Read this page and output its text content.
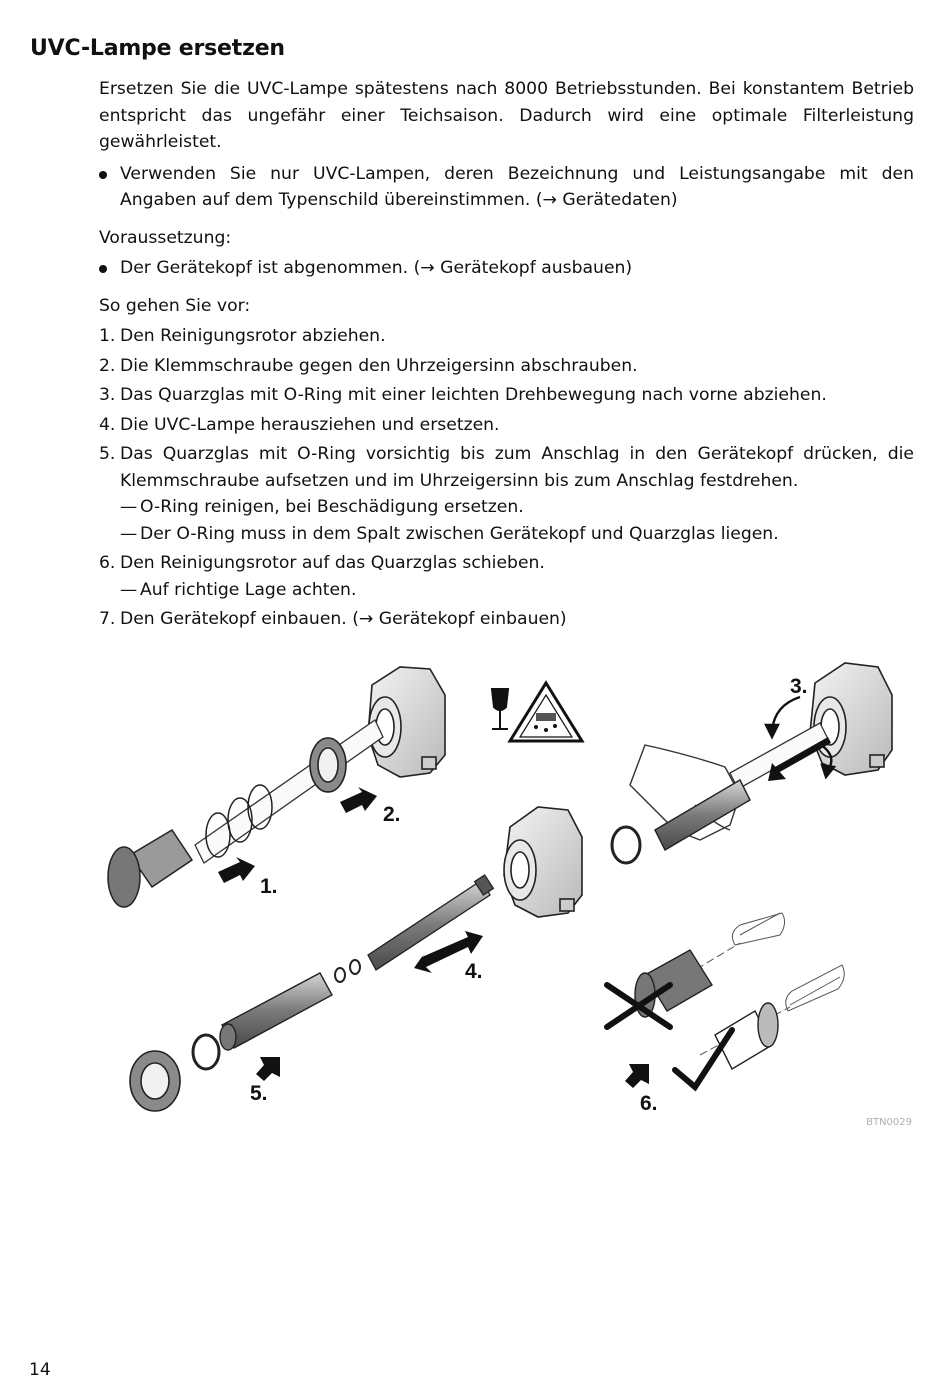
UVC-Lampe ersetzen

Ersetzen Sie die UVC-Lampe spätestens nach 8000 Betriebsstunden. Bei konstantem Betrieb entspricht das ungefähr einer Teichsaison. Dadurch wird eine optimale Filterleistung gewährleistet.

Verwenden Sie nur UVC-Lampen, deren Bezeichnung und Leistungsangabe mit den Angaben auf dem Typenschild übereinstimmen. (→ Gerätedaten)

Voraussetzung:

Der Gerätekopf ist abgenommen. (→ Gerätekopf ausbauen)

So gehen Sie vor:

1. Den Reinigungsrotor abziehen.
2. Die Klemmschraube gegen den Uhrzeigersinn abschrauben.
3. Das Quarzglas mit O-Ring mit einer leichten Drehbewegung nach vorne abziehen.
4. Die UVC-Lampe herausziehen und ersetzen.
5. Das Quarzglas mit O-Ring vorsichtig bis zum Anschlag in den Gerätekopf drücken, die Klemmschraube aufsetzen und im Uhrzeigersinn bis zum Anschlag festdrehen.
— O-Ring reinigen, bei Beschädigung ersetzen.
— Der O-Ring muss in dem Spalt zwischen Gerätekopf und Quarzglas liegen.
6. Den Reinigungsrotor auf das Quarzglas schieben.
— Auf richtige Lage achten.
7. Den Gerätekopf einbauen. (→ Gerätekopf einbauen)
2.
1.
3.
4.
5.	6.
BTN0029
14
